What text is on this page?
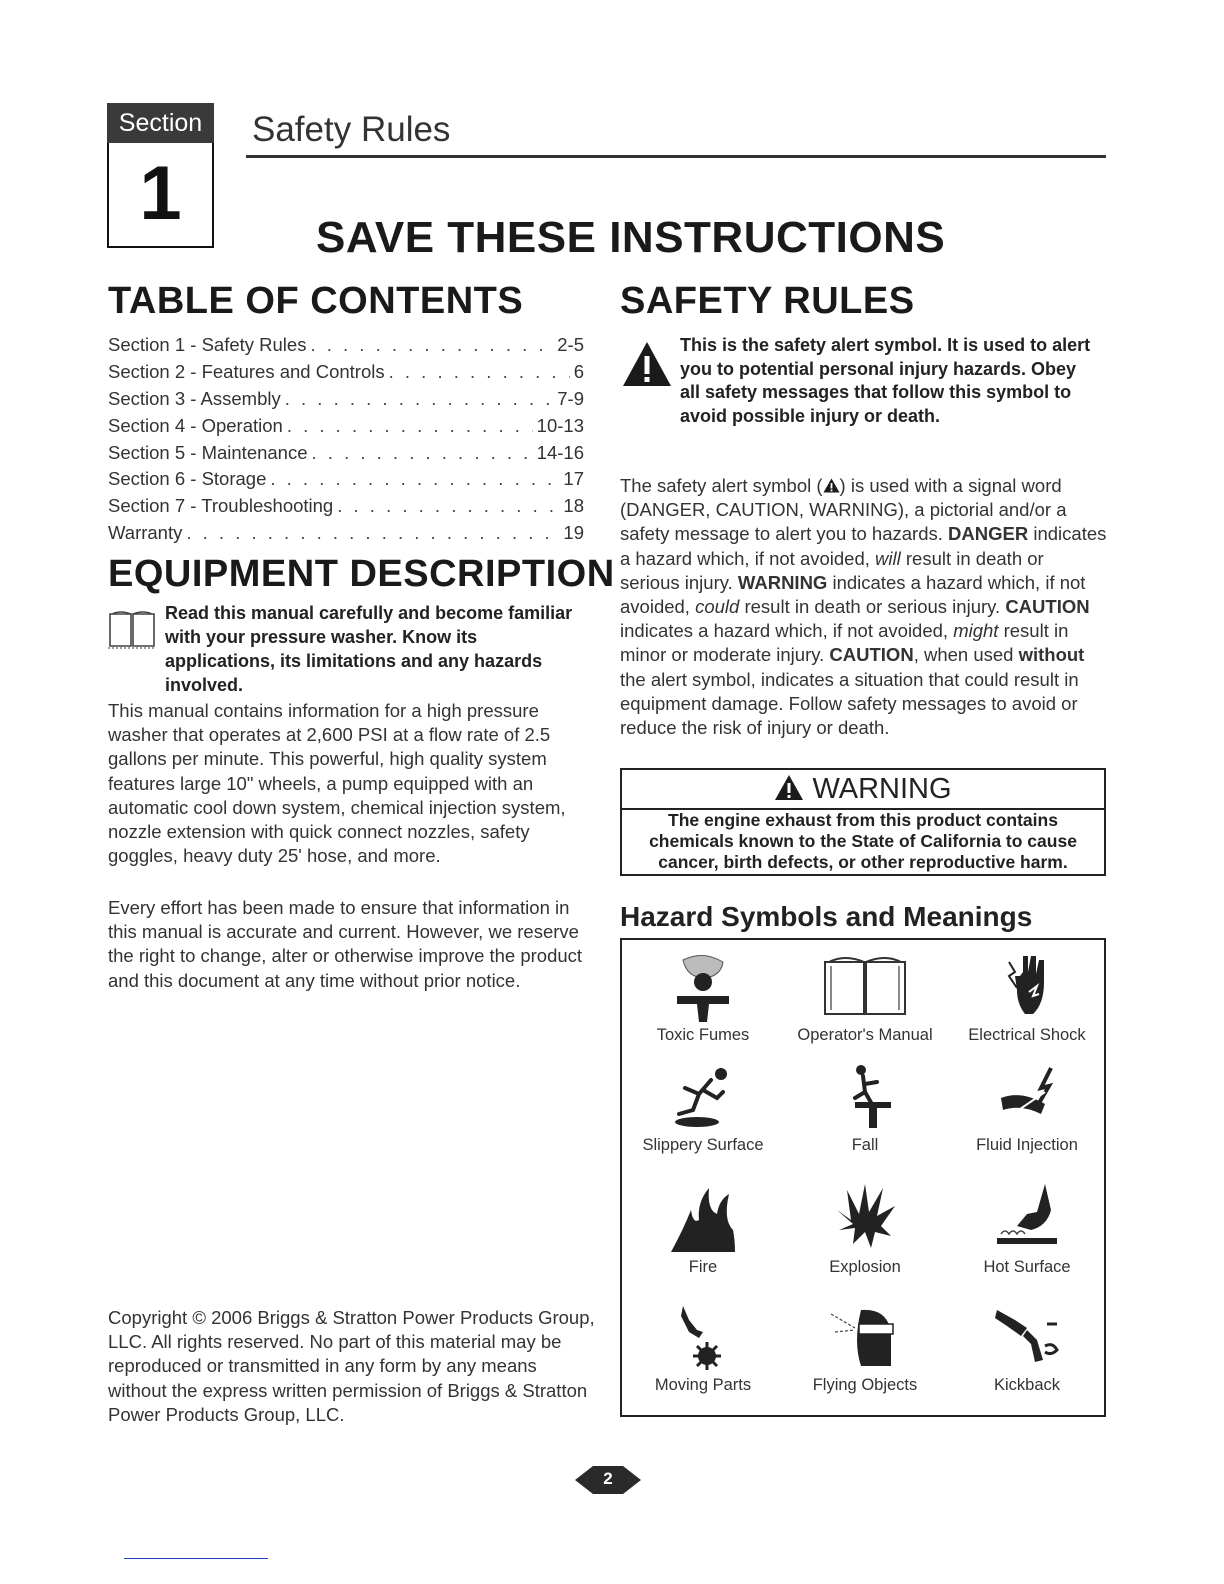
Section
1
Safety Rules
SAVE THESE INSTRUCTIONS
TABLE OF CONTENTS
Section 1 - Safety Rules . . .	2-5
Section 2 - Features and Controls . . .	6
Section 3 - Assembly . . .	7-9
Section 4 - Operation . . .	10-13
Section 5 - Maintenance . . .	14-16
Section 6 - Storage . . .	17
Section 7 - Troubleshooting . . .	18
Warranty . . .	19
EQUIPMENT DESCRIPTION
Read this manual carefully and become familiar with your pressure washer. Know its applications, its limitations and any hazards involved.
This manual contains information for a high pressure washer that operates at 2,600 PSI at a flow rate of 2.5 gallons per minute. This powerful, high quality system features large 10" wheels, a pump equipped with an automatic cool down system, chemical injection system, nozzle extension with quick connect nozzles, safety goggles, heavy duty 25' hose, and more.
Every effort has been made to ensure that information in this manual is accurate and current. However, we reserve the right to change, alter or otherwise improve the product and this document at any time without prior notice.
Copyright © 2006 Briggs & Stratton Power Products Group, LLC. All rights reserved. No part of this material may be reproduced or transmitted in any form by any means without the express written permission of Briggs & Stratton Power Products Group, LLC.
SAFETY RULES
This is the safety alert symbol. It is used to alert you to potential personal injury hazards. Obey all safety messages that follow this symbol to avoid possible injury or death.
The safety alert symbol ( ) is used with a signal word (DANGER, CAUTION, WARNING), a pictorial and/or a safety message to alert you to hazards. DANGER indicates a hazard which, if not avoided, will result in death or serious injury. WARNING indicates a hazard which, if not avoided, could result in death or serious injury. CAUTION indicates a hazard which, if not avoided, might result in minor or moderate injury. CAUTION, when used without the alert symbol, indicates a situation that could result in equipment damage. Follow safety messages to avoid or reduce the risk of injury or death.
WARNING
The engine exhaust from this product contains
chemicals known to the State of California to cause
cancer, birth defects, or other reproductive harm.
Hazard Symbols and Meanings
Toxic Fumes	Operator's Manual	Electrical Shock
Slippery Surface	Fall	Fluid Injection
Fire	Explosion	Hot Surface
Moving Parts	Flying Objects	Kickback
2
